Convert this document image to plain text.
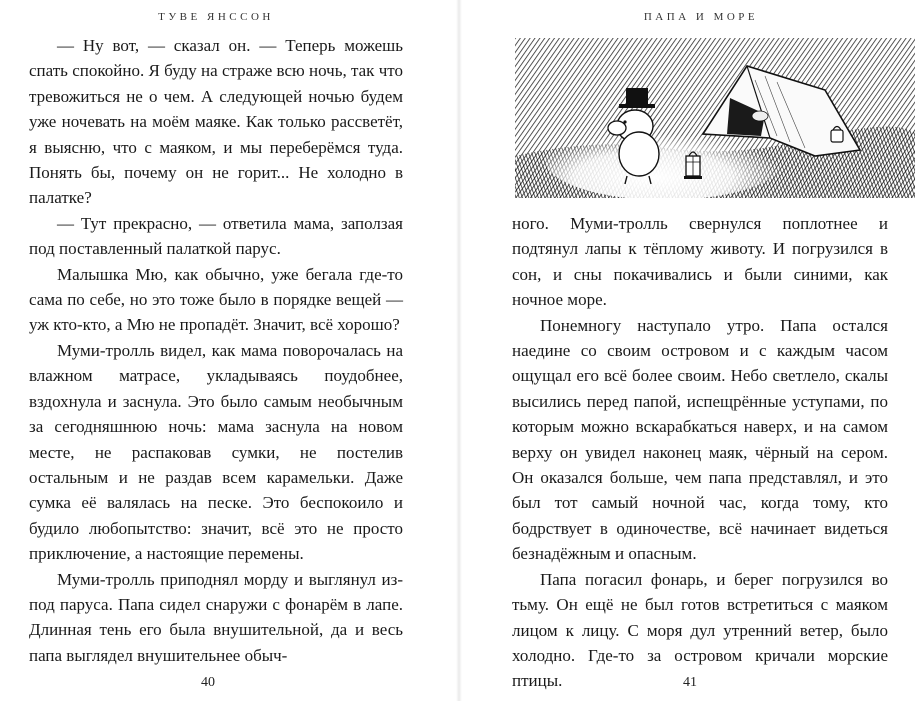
ТУВЕ ЯНССОН

— Ну вот, — сказал он. — Теперь можешь спать спокойно. Я буду на страже всю ночь, так что тревожиться не о чем. А следующей ночью будем уже ночевать на моём маяке. Как только рассветёт, я выясню, что с маяком, и мы переберёмся туда. Понять бы, почему он не горит... Не холодно в палатке?

— Тут прекрасно, — ответила мама, заползая под поставленный палаткой парус.

Малышка Мю, как обычно, уже бегала где-то сама по себе, но это тоже было в порядке вещей — уж кто-кто, а Мю не пропадёт. Значит, всё хорошо?

Муми-тролль видел, как мама поворочалась на влажном матрасе, укладываясь поудобнее, вздохнула и заснула. Это было самым необычным за сегодняшнюю ночь: мама заснула на новом месте, не распаковав сумки, не постелив остальным и не раздав всем карамельки. Даже сумка её валялась на песке. Это беспокоило и будило любопытство: значит, всё это не просто приключение, а настоящие перемены.

Муми-тролль приподнял морду и выглянул из-под паруса. Папа сидел снаружи с фонарём в лапе. Длинная тень его была внушительной, да и весь папа выглядел внушительнее обыч-

40
ПАПА И МОРЕ

ного. Муми-тролль свернулся поплотнее и подтянул лапы к тёплому животу. И погрузился в сон, и сны покачивались и были синими, как ночное море.

Понемногу наступало утро. Папа остался наедине со своим островом и с каждым часом ощущал его всё более своим. Небо светлело, скалы высились перед папой, испещрённые уступами, по которым можно вскарабкаться наверх, и на самом верху он увидел наконец маяк, чёрный на сером. Он оказался больше, чем папа представлял, и это был тот самый ночной час, когда тому, кто бодрствует в одиночестве, всё начинает видеться безнадёжным и опасным.

Папа погасил фонарь, и берег погрузился во тьму. Он ещё не был готов встретиться с маяком лицом к лицу. С моря дул утренний ветер, было холодно. Где-то за островом кричали морские птицы.	41
